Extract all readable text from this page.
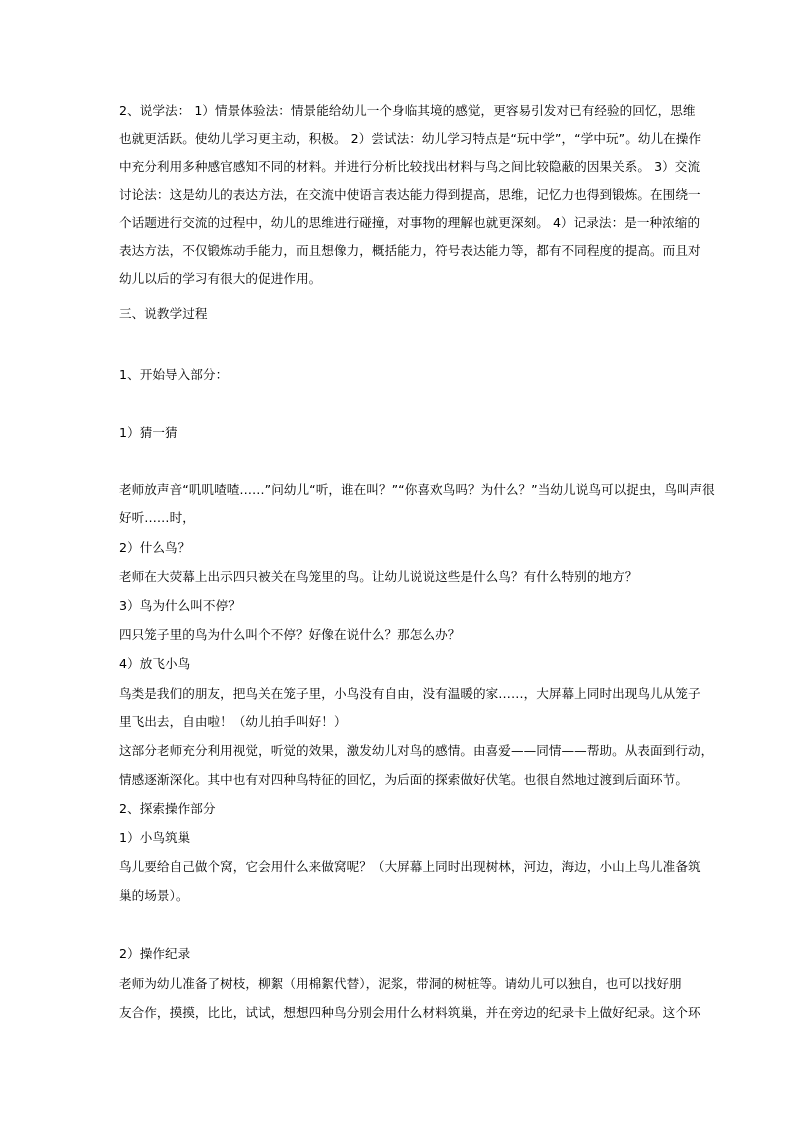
2、说学法： 1）情景体验法：情景能给幼儿一个身临其境的感觉，更容易引发对已有经验的回忆，思维
也就更活跃。使幼儿学习更主动，积极。 2）尝试法：幼儿学习特点是“玩中学”，“学中玩”。幼儿在操作
中充分利用多种感官感知不同的材料。并进行分析比较找出材料与鸟之间比较隐蔽的因果关系。 3）交流
讨论法：这是幼儿的表达方法，在交流中使语言表达能力得到提高，思维，记忆力也得到锻炼。在围绕一
个话题进行交流的过程中，幼儿的思维进行碰撞，对事物的理解也就更深刻。 4）记录法：是一种浓缩的
表达方法，不仅锻炼动手能力，而且想像力，概括能力，符号表达能力等，都有不同程度的提高。而且对
幼儿以后的学习有很大的促进作用。
三、说教学过程
1、开始导入部分：
1）猜一猜
老师放声音“叽叽喳喳……”问幼儿“听，谁在叫？”“你喜欢鸟吗？为什么？”当幼儿说鸟可以捉虫，鸟叫声很
好听……时，
2）什么鸟？
老师在大荧幕上出示四只被关在鸟笼里的鸟。让幼儿说说这些是什么鸟？有什么特别的地方？
3）鸟为什么叫不停？
四只笼子里的鸟为什么叫个不停？好像在说什么？那怎么办？
4）放飞小鸟
鸟类是我们的朋友，把鸟关在笼子里，小鸟没有自由，没有温暖的家……，大屏幕上同时出现鸟儿从笼子
里飞出去，自由啦！（幼儿拍手叫好！）
这部分老师充分利用视觉，听觉的效果，激发幼儿对鸟的感情。由喜爱——同情——帮助。从表面到行动，
情感逐渐深化。其中也有对四种鸟特征的回忆，为后面的探索做好伏笔。也很自然地过渡到后面环节。
2、探索操作部分
1）小鸟筑巢
鸟儿要给自己做个窝，它会用什么来做窝呢？（大屏幕上同时出现树林，河边，海边，小山上鸟儿准备筑
巢的场景）。
2）操作纪录
老师为幼儿准备了树枝，柳絮（用棉絮代替），泥浆，带洞的树桩等。请幼儿可以独自，也可以找好朋
友合作，摸摸，比比，试试，想想四种鸟分别会用什么材料筑巢，并在旁边的纪录卡上做好纪录。这个环
